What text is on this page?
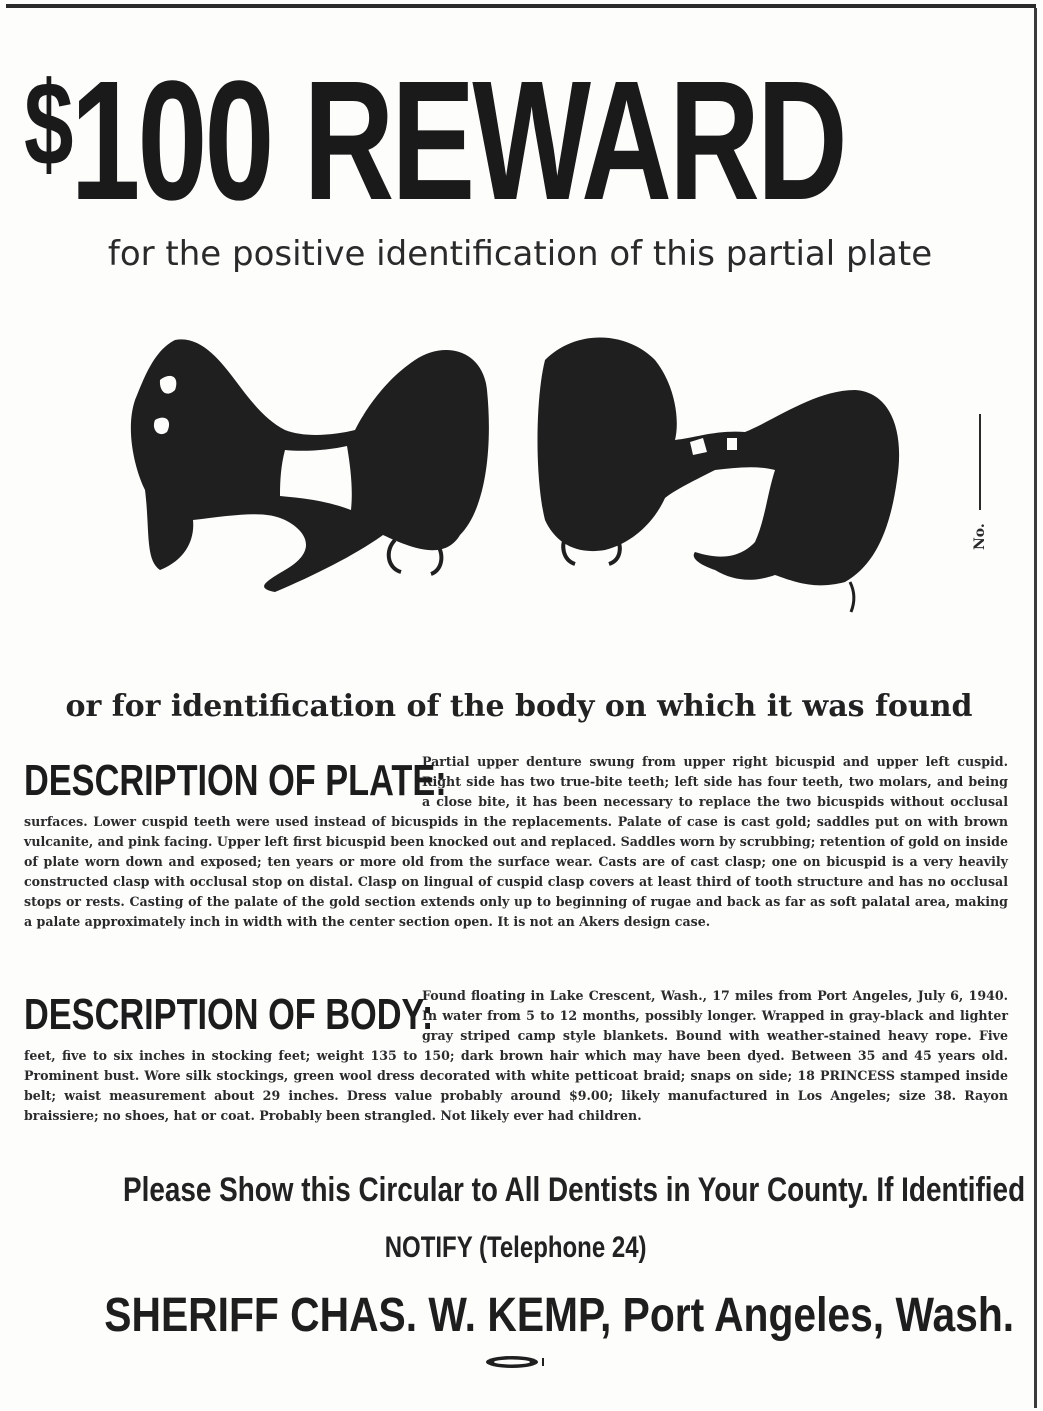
$100 REWARD
for the positive identification of this partial plate
No.
or for identification of the body on which it was found
DESCRIPTION OF PLATE:
Partial upper denture swung from upper right bicuspid and upper left cuspid. Right side has two true-bite teeth; left side has four teeth, two molars, and being a close bite, it has been necessary to replace the two bicuspids without occlusal surfaces. Lower cuspid teeth were used instead of bicuspids in the replacements. Palate of case is cast gold; saddles put on with brown vulcanite, and pink facing. Upper left first bicuspid been knocked out and replaced. Saddles worn by scrubbing; retention of gold on inside of plate worn down and exposed; ten years or more old from the surface wear. Casts are of cast clasp; one on bicuspid is a very heavily constructed clasp with occlusal stop on distal. Clasp on lingual of cuspid clasp covers at least third of tooth structure and has no occlusal stops or rests. Casting of the palate of the gold section extends only up to beginning of rugae and back as far as soft palatal area, making a palate approximately inch in width with the center section open. It is not an Akers design case.
DESCRIPTION OF BODY:
Found floating in Lake Crescent, Wash., 17 miles from Port Angeles, July 6, 1940. In water from 5 to 12 months, possibly longer. Wrapped in gray-black and lighter gray striped camp style blankets. Bound with weather-stained heavy rope. Five feet, five to six inches in stocking feet; weight 135 to 150; dark brown hair which may have been dyed. Between 35 and 45 years old. Prominent bust. Wore silk stockings, green wool dress decorated with white petticoat braid; snaps on side; 18 PRINCESS stamped inside belt; waist measurement about 29 inches. Dress value probably around $9.00; likely manufactured in Los Angeles; size 38. Rayon braissiere; no shoes, hat or coat. Probably been strangled. Not likely ever had children.
Please Show this Circular to All Dentists in Your County. If Identified
NOTIFY (Telephone 24)
SHERIFF CHAS. W. KEMP, Port Angeles, Wash.
